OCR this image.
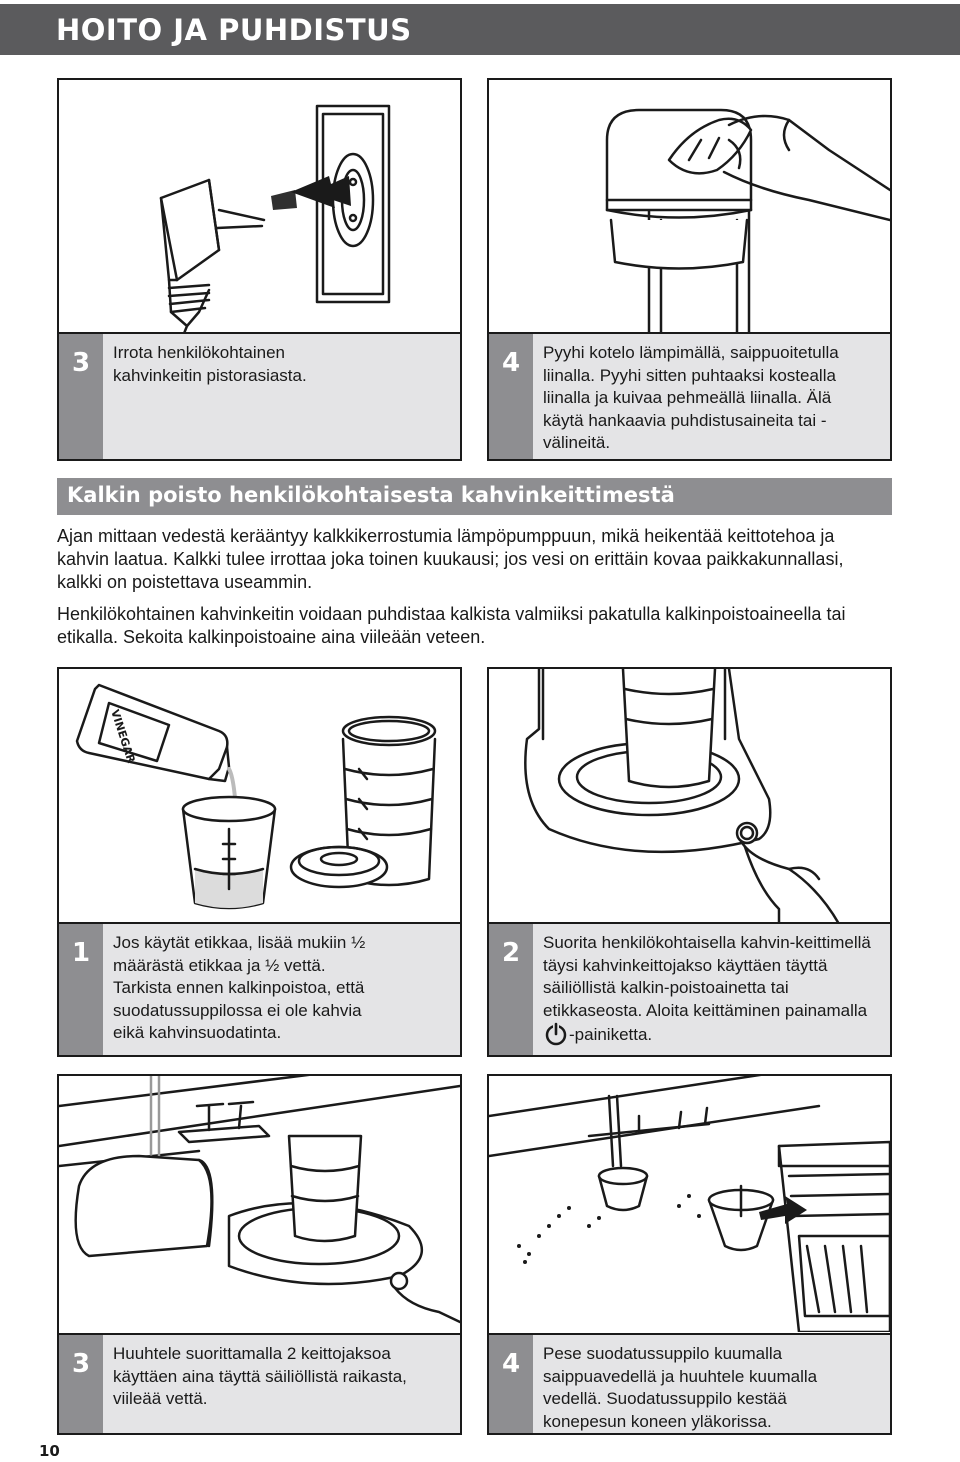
HOITO JA PUHDISTUS
3	Irrota henkilökohtainen kahvinkeitin pistorasiasta.	4	Pyyhi kotelo lämpimällä, saippuoitetulla liinalla. Pyyhi sitten puhtaaksi kostealla liinalla ja kuivaa pehmeällä liinalla. Älä käytä hankaavia puhdistusaineita tai -välineitä.
Kalkin poisto henkilökohtaisesta kahvinkeittimestä

Ajan mittaan vedestä kerääntyy kalkkikerrostumia lämpöpumppuun, mikä heikentää keittotehoa ja kahvin laatua. Kalkki tulee irrottaa joka toinen kuukausi; jos vesi on erittäin kovaa paikkakunnallasi, kalkki on poistettava useammin.

Henkilökohtainen kahvinkeitin voidaan puhdistaa kalkista valmiiksi pakatulla kalkinpoistoaineella tai etikalla. Sekoita kalkinpoistoaine aina viileään veteen.

VINEGAR
1	Jos käytät etikkaa, lisää mukiin ½ määrästä etikkaa ja ½ vettä. Tarkista ennen kalkinpoistoa, että suodatussuppilossa ei ole kahvia eikä kahvinsuodatinta.
2	Suorita henkilökohtaisella kahvin-keittimellä täysi kahvinkeittojakso käyttäen täyttä säiliöllistä kalkin-poistoainetta tai etikkaseosta. Aloita keittäminen painamalla -painiketta.
3	Huuhtele suorittamalla 2 keittojaksoa käyttäen aina täyttä säiliöllistä raikasta, viileää vettä.
4	Pese suodatussuppilo kuumalla saippuavedellä ja huuhtele kuumalla vedellä. Suodatussuppilo kestää konepesun koneen yläkorissa.
10
